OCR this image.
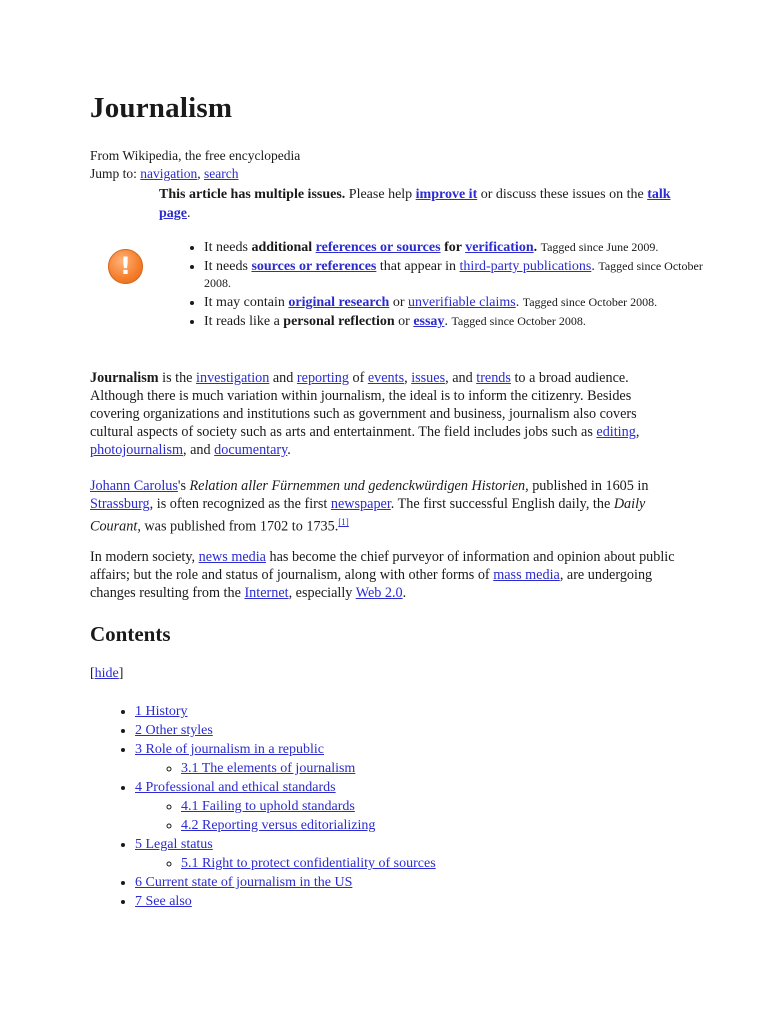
Journalism
From Wikipedia, the free encyclopedia
Jump to: navigation, search
This article has multiple issues. Please help improve it or discuss these issues on the talk page.
!
• It needs additional references or sources for verification. Tagged since June 2009.
• It needs sources or references that appear in third-party publications. Tagged since October 2008.
• It may contain original research or unverifiable claims. Tagged since October 2008.
• It reads like a personal reflection or essay. Tagged since October 2008.

Journalism is the investigation and reporting of events, issues, and trends to a broad audience. Although there is much variation within journalism, the ideal is to inform the citizenry. Besides covering organizations and institutions such as government and business, journalism also covers cultural aspects of society such as arts and entertainment. The field includes jobs such as editing, photojournalism, and documentary.

Johann Carolus's Relation aller Fürnemmen und gedenckwürdigen Historien, published in 1605 in Strassburg, is often recognized as the first newspaper. The first successful English daily, the Daily Courant, was published from 1702 to 1735.[1]

In modern society, news media has become the chief purveyor of information and opinion about public affairs; but the role and status of journalism, along with other forms of mass media, are undergoing changes resulting from the Internet, especially Web 2.0.

Contents
[hide]
• 1 History
• 2 Other styles
• 3 Role of journalism in a republic
◦ 3.1 The elements of journalism
• 4 Professional and ethical standards
◦ 4.1 Failing to uphold standards
◦ 4.2 Reporting versus editorializing
• 5 Legal status
◦ 5.1 Right to protect confidentiality of sources
• 6 Current state of journalism in the US
• 7 See also
